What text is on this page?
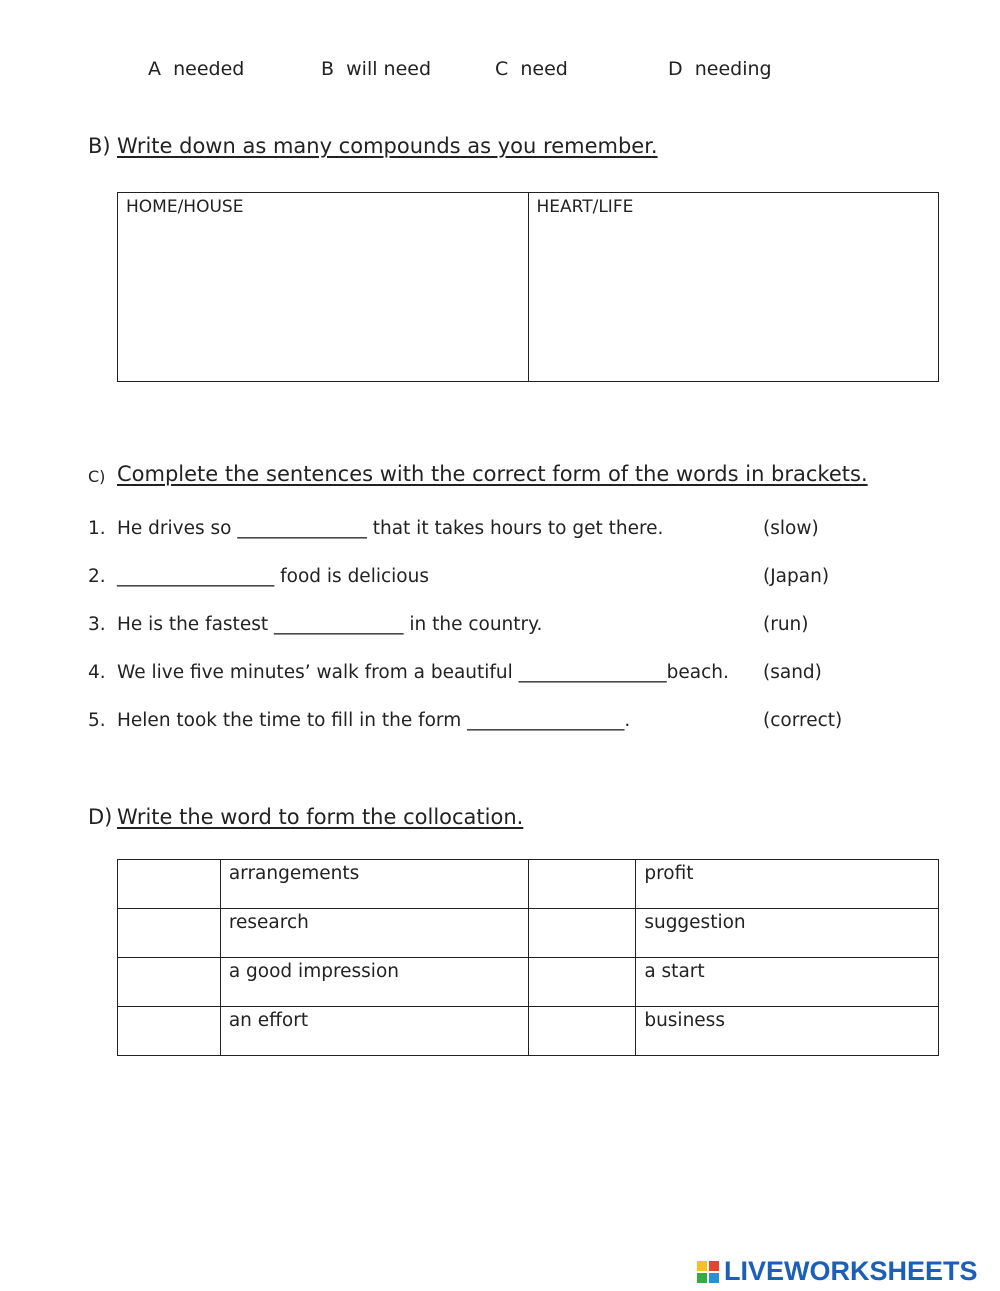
A needed	B will need	C need	D needing
B) Write down as many compounds as you remember.
HOME/HOUSE	HEART/LIFE
C) Complete the sentences with the correct form of the words in brackets.
1. He drives so ______________ that it takes hours to get there.	(slow)
2. _________________ food is delicious	(Japan)
3. He is the fastest ______________ in the country.	(run)
4. We live five minutes’ walk from a beautiful ________________beach. (sand)
5. Helen took the time to fill in the form _________________.	(correct)
D) Write the word to form the collocation.
	arrangements		profit
	research		suggestion
	a good impression		a start
	an effort		business
LIVEWORKSHEETS
